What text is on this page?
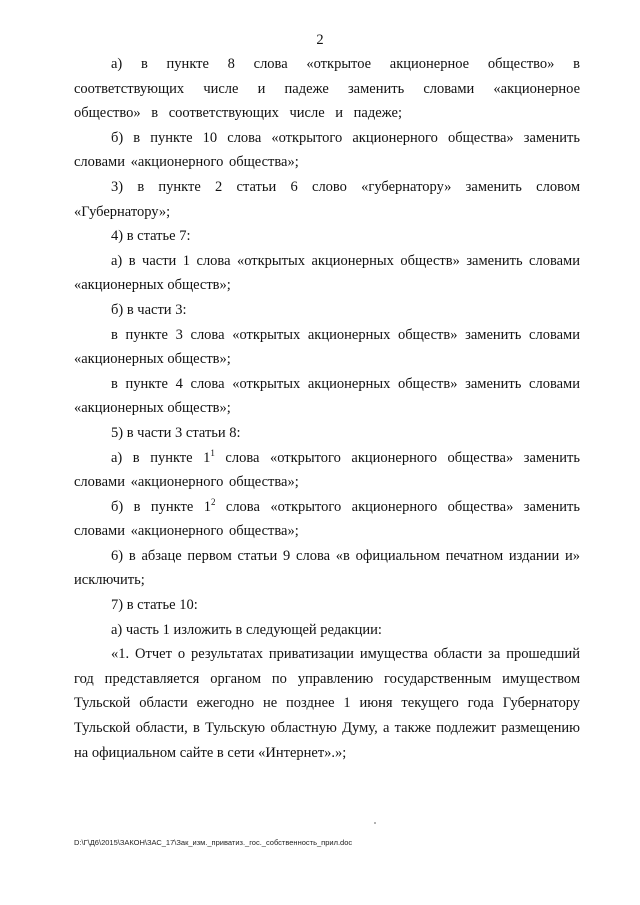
2

а) в пункте 8 слова «открытое акционерное общество» в соответствующих числе и падеже заменить словами «акционерное общество» в соответствующих числе и падеже;

б) в пункте 10 слова «открытого акционерного общества» заменить словами «акционерного общества»;

3) в пункте 2 статьи 6 слово «губернатору» заменить словом «Губернатору»;

4) в статье 7:

а) в части 1 слова «открытых акционерных обществ» заменить словами «акционерных обществ»;

б) в части 3:

в пункте 3 слова «открытых акционерных обществ» заменить словами «акционерных обществ»;

в пункте 4 слова «открытых акционерных обществ» заменить словами «акционерных обществ»;

5) в части 3 статьи 8:

а) в пункте $1^1$ слова «открытого акционерного общества» заменить словами «акционерного общества»;

б) в пункте $1^2$ слова «открытого акционерного общества» заменить словами «акционерного общества»;

6) в абзаце первом статьи 9 слова «в официальном печатном издании и» исключить;

7) в статье 10:

а) часть 1 изложить в следующей редакции:

«1. Отчет о результатах приватизации имущества области за прошедший год представляется органом по управлению государственным имуществом Тульской области ежегодно не позднее 1 июня текущего года Губернатору Тульской области, в Тульскую областную Думу, а также подлежит размещению на официальном сайте в сети «Интернет».»;

D:\Г\Д6\2015\ЗАКОН\ЗАС_17\Зак_изм._приватиз._гос._собственность_прил.doc
